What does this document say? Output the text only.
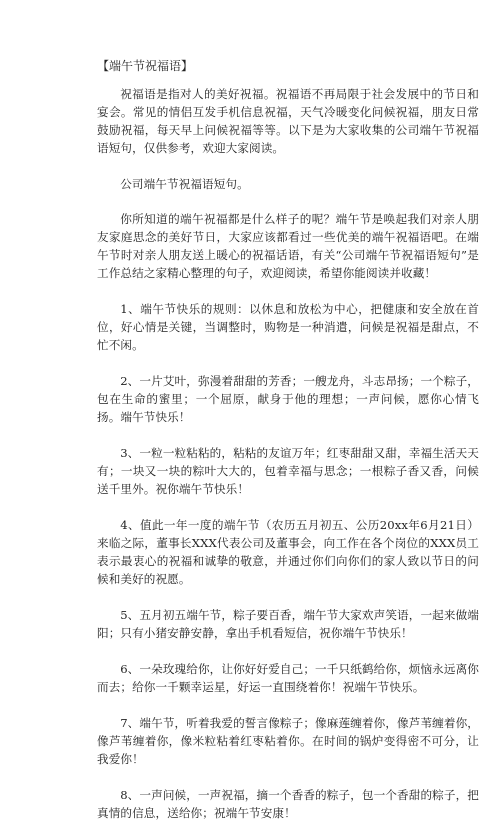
【端午节祝福语】

祝福语是指对人的美好祝福。祝福语不再局限于社会发展中的节日和宴会。常见的情侣互发手机信息祝福，天气冷暖变化问候祝福，朋友日常鼓励祝福，每天早上问候祝福等等。以下是为大家收集的公司端午节祝福语短句，仅供参考，欢迎大家阅读。

公司端午节祝福语短句。

你所知道的端午祝福都是什么样子的呢？端午节是唤起我们对亲人朋友家庭思念的美好节日，大家应该都看过一些优美的端午祝福语吧。在端午节时对亲人朋友送上暖心的祝福话语，有关“公司端午节祝福语短句”是工作总结之家精心整理的句子，欢迎阅读，希望你能阅读并收藏！

1、端午节快乐的规则：以休息和放松为中心，把健康和安全放在首位，好心情是关键，当调整时，购物是一种消遣，问候是祝福是甜点，不忙不闲。

2、一片艾叶，弥漫着甜甜的芳香；一艘龙舟，斗志昂扬；一个粽子，包在生命的蜜里；一个屈原，献身于他的理想；一声问候，愿你心情飞扬。端午节快乐！

3、一粒一粒粘粘的，粘粘的友谊万年；红枣甜甜又甜，幸福生活天天有；一块又一块的粽叶大大的，包着幸福与思念；一根粽子香又香，问候送千里外。祝你端午节快乐！

4、值此一年一度的端午节（农历五月初五、公历20xx年6月21日）来临之际，董事长XXX代表公司及董事会，向工作在各个岗位的XXX员工表示最衷心的祝福和诚挚的敬意，并通过你们向你们的家人致以节日的问候和美好的祝愿。

5、五月初五端午节，粽子要百香，端午节大家欢声笑语，一起来做端阳；只有小猪安静安静，拿出手机看短信，祝你端午节快乐！

6、一朵玫瑰给你，让你好好爱自己；一千只纸鹤给你，烦恼永远离你而去；给你一千颗幸运星，好运一直围绕着你！祝端午节快乐。

7、端午节，听着我爱的誓言像粽子；像麻莲缠着你，像芦苇缠着你，像芦苇缠着你，像米粒粘着红枣粘着你。在时间的锅炉变得密不可分，让我爱你！

8、一声问候，一声祝福，摘一个香香的粽子，包一个香甜的粽子，把真情的信息，送给你；祝端午节安康！
